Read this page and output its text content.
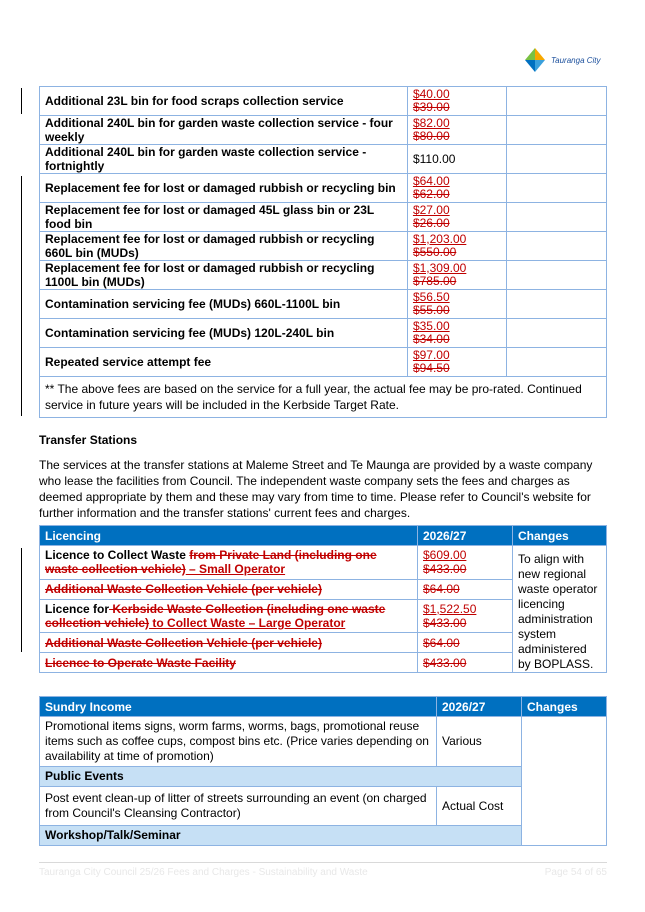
Tauranga City
Additional 23L bin for food scraps collection service	$40.00
$39.00	

Additional 240L bin for garden waste collection service - four weekly	$82.00
$80.00	

Additional 240L bin for garden waste collection service - fortnightly	$110.00	

Replacement fee for lost or damaged rubbish or recycling bin	$64.00
$62.00	

Replacement fee for lost or damaged 45L glass bin or 23L food bin	$27.00
$26.00	

Replacement fee for lost or damaged rubbish or recycling 660L bin (MUDs)	$1,203.00
$550.00	

Replacement fee for lost or damaged rubbish or recycling 1100L bin (MUDs)	$1,309.00
$785.00	

Contamination servicing fee (MUDs) 660L-1100L bin	$56.50
$55.00	

Contamination servicing fee (MUDs) 120L-240L bin	$35.00
$34.00	

Repeated service attempt fee	$97.00
$94.50	

** The above fees are based on the service for a full year, the actual fee may be pro-rated. Continued service in future years will be included in the Kerbside Target Rate.		
Transfer Stations
The services at the transfer stations at Maleme Street and Te Maunga are provided by a waste company who lease the facilities from Council. The independent waste company sets the fees and charges as deemed appropriate by them and these may vary from time to time. Please refer to Council's website for further information and the transfer stations' current fees and charges.
Licencing	2026/27	Changes
Licence to Collect Waste from Private Land (including one waste collection vehicle) – Small Operator	$609.00
$433.00	To align with new regional waste operator licencing administration system administered by BOPLASS.
Additional Waste Collection Vehicle (per vehicle)	$64.00	
Licence for Kerbside Waste Collection (including one waste collection vehicle) to Collect Waste – Large Operator	$1,522.50
$433.00	

Additional Waste Collection Vehicle (per vehicle)	$64.00	
Licence to Operate Waste Facility	$433.00	
Sundry Income	2026/27	Changes
Promotional items signs, worm farms, worms, bags, promotional reuse items such as coffee cups, compost bins etc. (Price varies depending on availability at time of promotion)	Various	
Public Events		
Post event clean-up of litter of streets surrounding an event (on charged from Council's Cleansing Contractor)	Actual Cost	
Workshop/Talk/Seminar		
Tauranga City Council 25/26 Fees and Charges - Sustainability and Waste	Page 54 of 65
